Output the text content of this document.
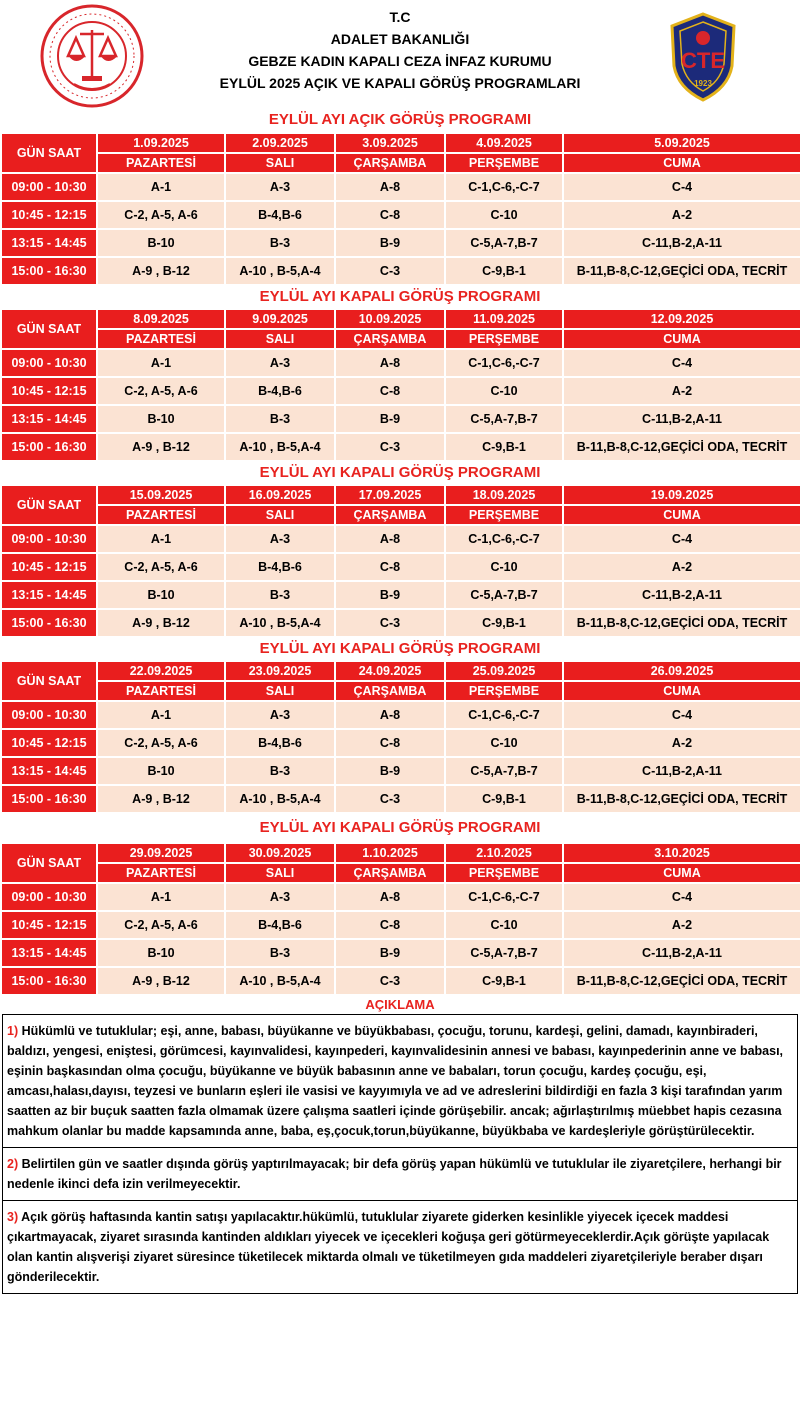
T.C
ADALET BAKANLIĞI
GEBZE KADIN KAPALI CEZA İNFAZ KURUMU
EYLÜL 2025 AÇIK VE KAPALI GÖRÜŞ PROGRAMLARI
CTE
1923
EYLÜL AYI AÇIK GÖRÜŞ PROGRAMI
GÜN SAAT	1.09.2025	2.09.2025	3.09.2025	4.09.2025	5.09.2025
	PAZARTESİ	SALI	ÇARŞAMBA	PERŞEMBE	CUMA
09:00 - 10:30	A-1	A-3	A-8	C-1,C-6,-C-7	C-4
10:45 - 12:15	C-2, A-5, A-6	B-4,B-6	C-8	C-10	A-2
13:15 - 14:45	B-10	B-3	B-9	C-5,A-7,B-7	C-11,B-2,A-11
15:00 - 16:30	A-9 , B-12	A-10 , B-5,A-4	C-3	C-9,B-1	B-11,B-8,C-12,GEÇİCİ ODA, TECRİT
EYLÜL AYI KAPALI GÖRÜŞ PROGRAMI
GÜN SAAT	8.09.2025	9.09.2025	10.09.2025	11.09.2025	12.09.2025
	PAZARTESİ	SALI	ÇARŞAMBA	PERŞEMBE	CUMA
09:00 - 10:30	A-1	A-3	A-8	C-1,C-6,-C-7	C-4
10:45 - 12:15	C-2, A-5, A-6	B-4,B-6	C-8	C-10	A-2
13:15 - 14:45	B-10	B-3	B-9	C-5,A-7,B-7	C-11,B-2,A-11
15:00 - 16:30	A-9 , B-12	A-10 , B-5,A-4	C-3	C-9,B-1	B-11,B-8,C-12,GEÇİCİ ODA, TECRİT
EYLÜL AYI KAPALI GÖRÜŞ PROGRAMI
GÜN SAAT	15.09.2025	16.09.2025	17.09.2025	18.09.2025	19.09.2025
	PAZARTESİ	SALI	ÇARŞAMBA	PERŞEMBE	CUMA
09:00 - 10:30	A-1	A-3	A-8	C-1,C-6,-C-7	C-4
10:45 - 12:15	C-2, A-5, A-6	B-4,B-6	C-8	C-10	A-2
13:15 - 14:45	B-10	B-3	B-9	C-5,A-7,B-7	C-11,B-2,A-11
15:00 - 16:30	A-9 , B-12	A-10 , B-5,A-4	C-3	C-9,B-1	B-11,B-8,C-12,GEÇİCİ ODA, TECRİT
EYLÜL AYI KAPALI GÖRÜŞ PROGRAMI
GÜN SAAT	22.09.2025	23.09.2025	24.09.2025	25.09.2025	26.09.2025
	PAZARTESİ	SALI	ÇARŞAMBA	PERŞEMBE	CUMA
09:00 - 10:30	A-1	A-3	A-8	C-1,C-6,-C-7	C-4
10:45 - 12:15	C-2, A-5, A-6	B-4,B-6	C-8	C-10	A-2
13:15 - 14:45	B-10	B-3	B-9	C-5,A-7,B-7	C-11,B-2,A-11
15:00 - 16:30	A-9 , B-12	A-10 , B-5,A-4	C-3	C-9,B-1	B-11,B-8,C-12,GEÇİCİ ODA, TECRİT
EYLÜL AYI KAPALI GÖRÜŞ PROGRAMI
GÜN SAAT	29.09.2025	30.09.2025	1.10.2025	2.10.2025	3.10.2025
	PAZARTESİ	SALI	ÇARŞAMBA	PERŞEMBE	CUMA
09:00 - 10:30	A-1	A-3	A-8	C-1,C-6,-C-7	C-4
10:45 - 12:15	C-2, A-5, A-6	B-4,B-6	C-8	C-10	A-2
13:15 - 14:45	B-10	B-3	B-9	C-5,A-7,B-7	C-11,B-2,A-11
15:00 - 16:30	A-9 , B-12	A-10 , B-5,A-4	C-3	C-9,B-1	B-11,B-8,C-12,GEÇİCİ ODA, TECRİT
AÇIKLAMA
1) Hükümlü ve tutuklular; eşi, anne, babası, büyükanne ve büyükbabası, çocuğu, torunu, kardeşi, gelini, damadı, kayınbiraderi, baldızı, yengesi, eniştesi, görümcesi, kayınvalidesi, kayınpederi, kayınvalidesinin annesi ve babası, kayınpederinin anne ve babası, eşinin başkasından olma çocuğu, büyükanne ve büyük babasının anne ve babaları, torun çocuğu, kardeş çocuğu, eşi, amcası,halası,dayısı, teyzesi ve bunların eşleri ile vasisi ve kayyımıyla ve ad ve adreslerini bildirdiği en fazla 3 kişi tarafından yarım saatten az bir buçuk saatten fazla olmamak üzere çalışma saatleri içinde görüşebilir. ancak; ağırlaştırılmış müebbet hapis cezasına mahkum olanlar bu madde kapsamında anne, baba, eş,çocuk,torun,büyükanne, büyükbaba ve kardeşleriyle görüştürülecektir.
2) Belirtilen gün ve saatler dışında görüş yaptırılmayacak; bir defa görüş yapan hükümlü ve tutuklular ile ziyaretçilere, herhangi bir nedenle ikinci defa izin verilmeyecektir.
3) Açık görüş haftasında kantin satışı yapılacaktır.hükümlü, tutuklular ziyarete giderken kesinlikle yiyecek içecek maddesi çıkartmayacak, ziyaret sırasında kantinden aldıkları yiyecek ve içecekleri koğuşa geri götürmeyeceklerdir.Açık görüşte yapılacak olan kantin alışverişi ziyaret süresince tüketilecek miktarda olmalı ve tüketilmeyen gıda maddeleri ziyaretçileriyle beraber dışarı gönderilecektir.
